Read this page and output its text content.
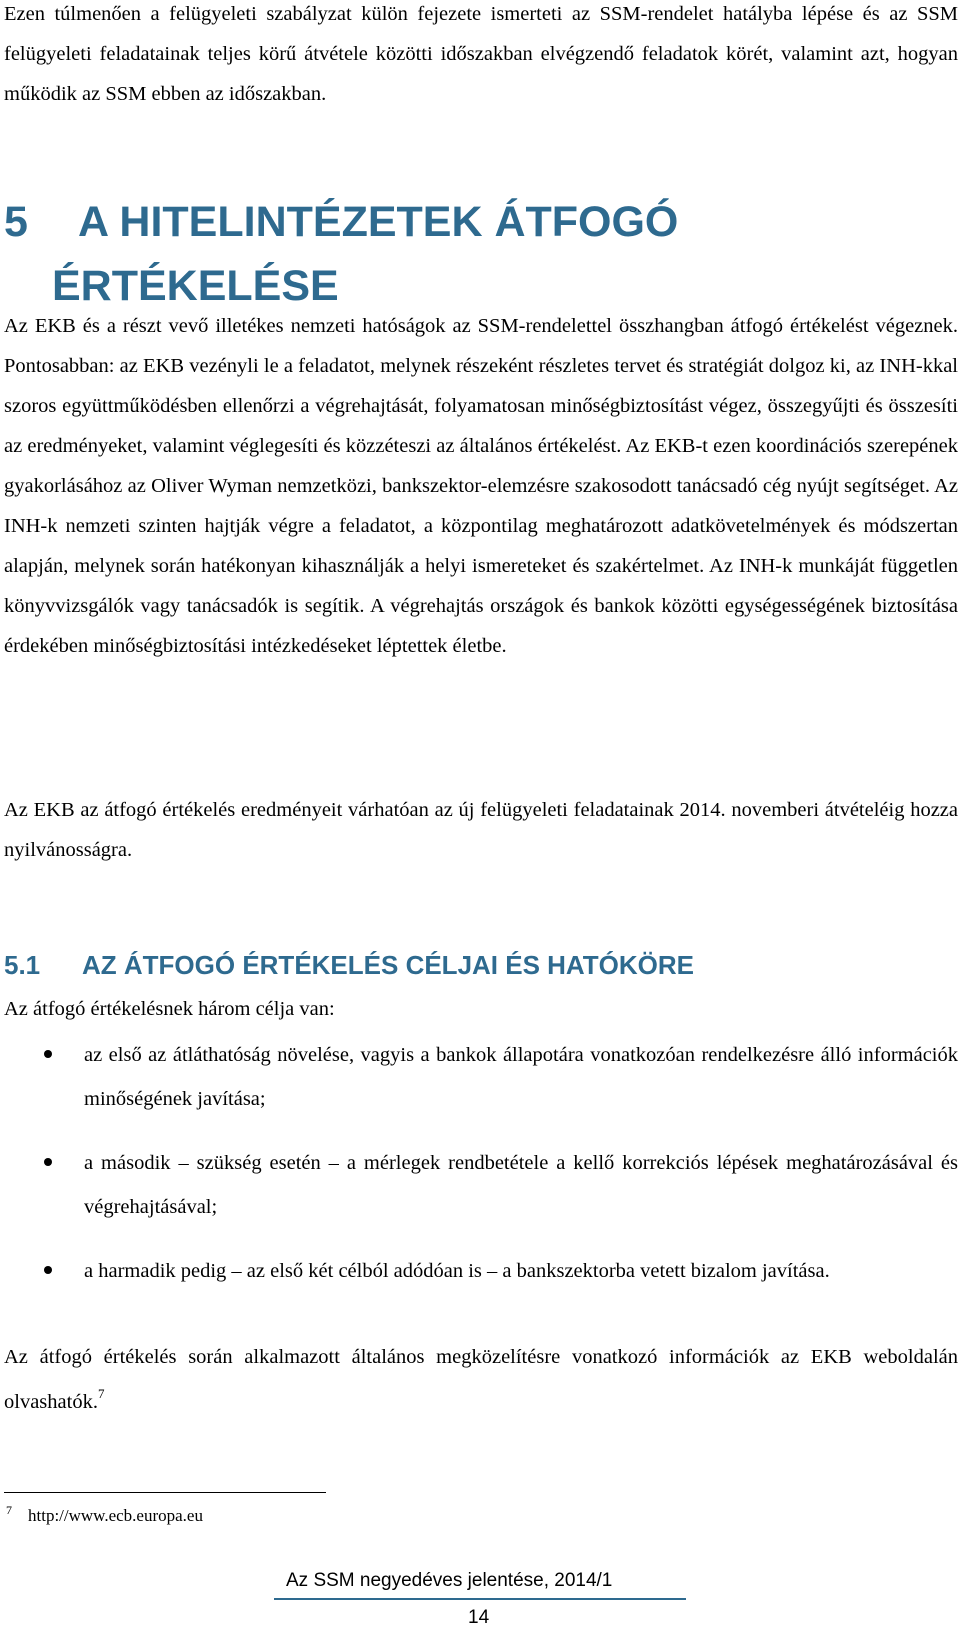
Ezen túlmenően a felügyeleti szabályzat külön fejezete ismerteti az SSM-rendelet hatályba lépése és az SSM felügyeleti feladatainak teljes körű átvétele közötti időszakban elvégzendő feladatok körét, valamint azt, hogyan működik az SSM ebben az időszakban.

5 A HITELINTÉZETEK ÁTFOGÓ
ÉRTÉKELÉSE

Az EKB és a részt vevő illetékes nemzeti hatóságok az SSM-rendelettel összhangban átfogó értékelést végeznek. Pontosabban: az EKB vezényli le a feladatot, melynek részeként részletes tervet és stratégiát dolgoz ki, az INH-kkal szoros együttműködésben ellenőrzi a végrehajtását, folyamatosan minőségbiztosítást végez, összegyűjti és összesíti az eredményeket, valamint véglegesíti és közzéteszi az általános értékelést. Az EKB-t ezen koordinációs szerepének gyakorlásához az Oliver Wyman nemzetközi, bankszektor-elemzésre szakosodott tanácsadó cég nyújt segítséget. Az INH-k nemzeti szinten hajtják végre a feladatot, a központilag meghatározott adatkövetelmények és módszertan alapján, melynek során hatékonyan kihasználják a helyi ismereteket és szakértelmet. Az INH-k munkáját független könyvvizsgálók vagy tanácsadók is segítik. A végrehajtás országok és bankok közötti egységességének biztosítása érdekében minőségbiztosítási intézkedéseket léptettek életbe.

Az EKB az átfogó értékelés eredményeit várhatóan az új felügyeleti feladatainak 2014. novemberi átvételéig hozza nyilvánosságra.

5.1 AZ ÁTFOGÓ ÉRTÉKELÉS CÉLJAI ÉS HATÓKÖRE

Az átfogó értékelésnek három célja van:

az első az átláthatóság növelése, vagyis a bankok állapotára vonatkozóan rendelkezésre álló információk minőségének javítása;
a második – szükség esetén – a mérlegek rendbetétele a kellő korrekciós lépések meghatározásával és végrehajtásával;
a harmadik pedig – az első két célból adódóan is – a bankszektorba vetett bizalom javítása.

Az átfogó értékelés során alkalmazott általános megközelítésre vonatkozó információk az EKB weboldalán olvashatók.$^7$

$^7$ http://www.ecb.europa.eu
Az SSM negyedéves jelentése, 2014/1
14
